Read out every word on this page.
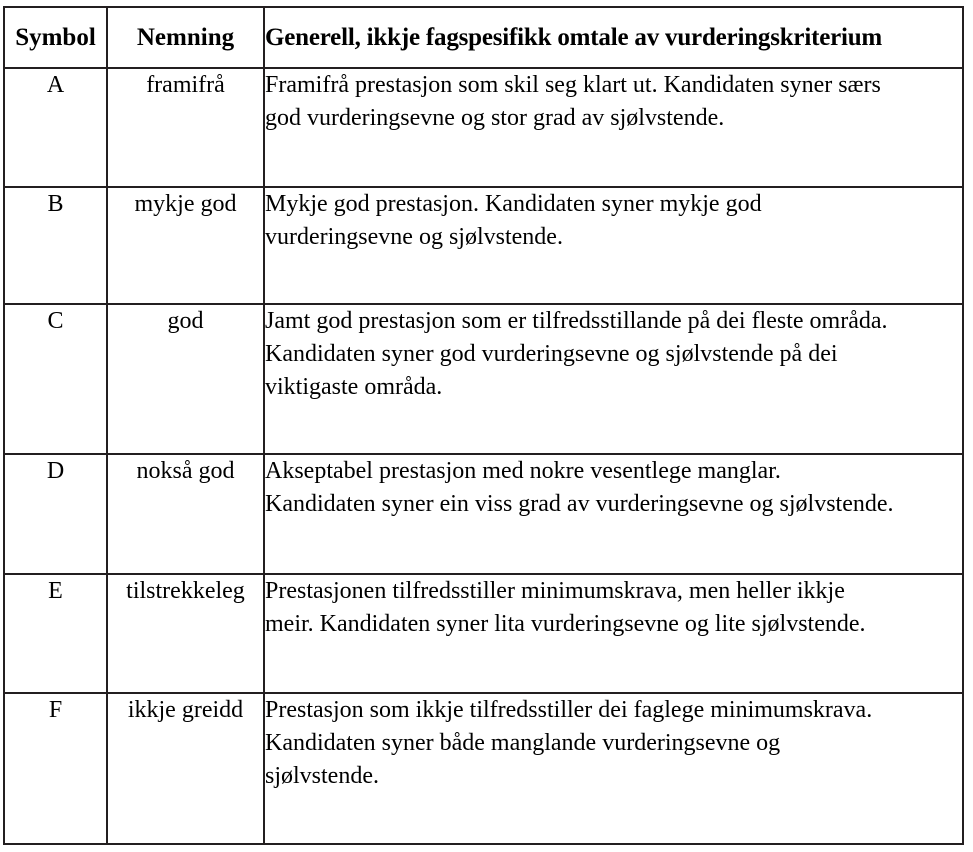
Symbol	Nemning	Generell, ikkje fagspesifikk omtale av vurderingskriterium
A	framifrå	Framifrå prestasjon som skil seg klart ut. Kandidaten syner særs
god vurderingsevne og stor grad av sjølvstende.

B	mykje god	Mykje god prestasjon. Kandidaten syner mykje god
vurderingsevne og sjølvstende.

C	god	Jamt god prestasjon som er tilfredsstillande på dei fleste områda.
Kandidaten syner god vurderingsevne og sjølvstende på dei
viktigaste områda.

D	nokså god	Akseptabel prestasjon med nokre vesentlege manglar.
Kandidaten syner ein viss grad av vurderingsevne og sjølvstende.

E	tilstrekkeleg	Prestasjonen tilfredsstiller minimumskrava, men heller ikkje
meir. Kandidaten syner lita vurderingsevne og lite sjølvstende.

F	ikkje greidd	Prestasjon som ikkje tilfredsstiller dei faglege minimumskrava.
Kandidaten syner både manglande vurderingsevne og
sjølvstende.
